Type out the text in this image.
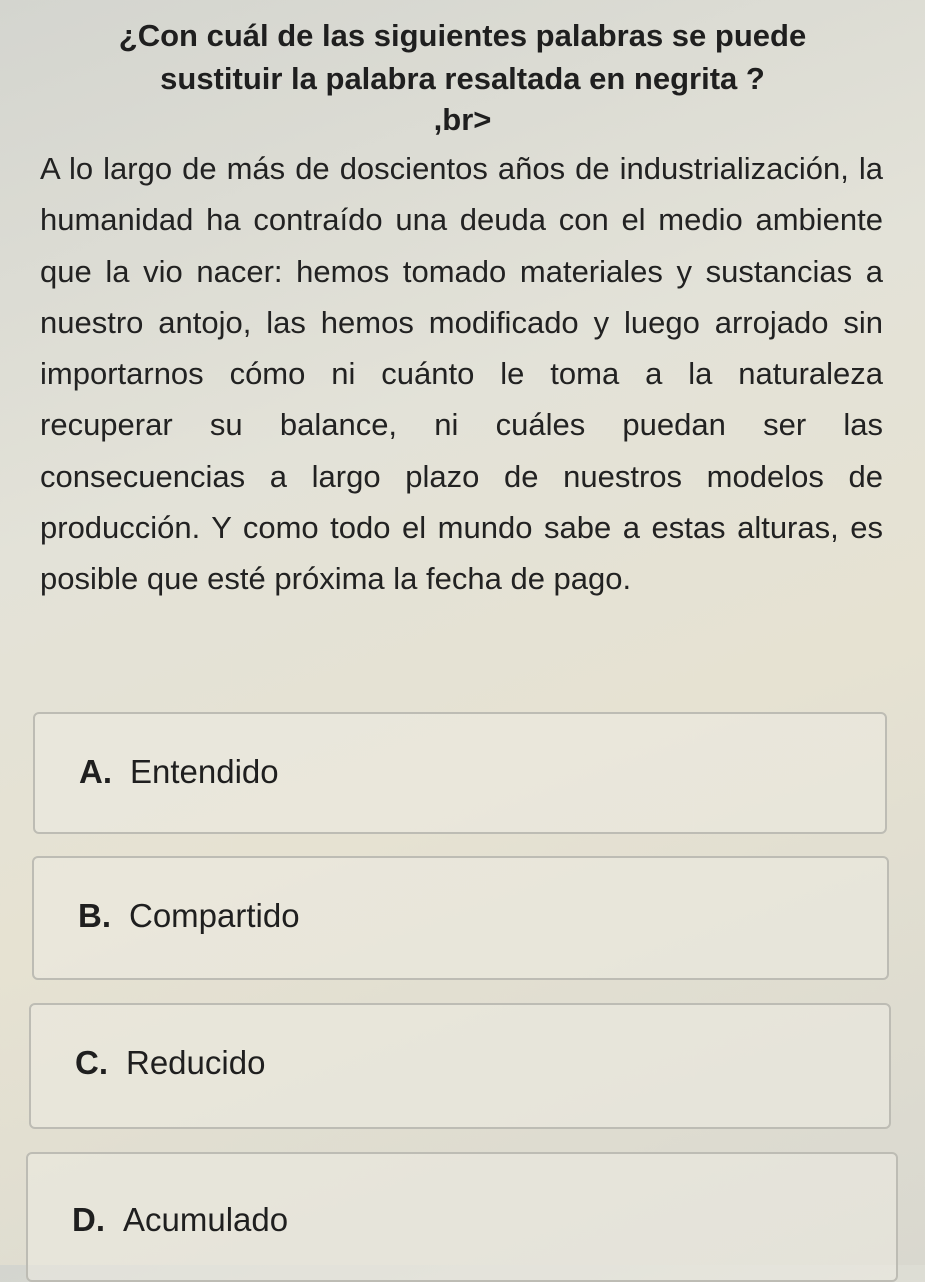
¿Con cuál de las siguientes palabras se puede
sustituir la palabra resaltada en negrita ?
,br>
A lo largo de más de doscientos años de industrialización, la humanidad ha contraído una deuda con el medio ambiente que la vio nacer: hemos tomado materiales y sustancias a nuestro antojo, las hemos modificado y luego arrojado sin importarnos cómo ni cuánto le toma a la naturaleza recuperar su balance, ni cuáles puedan ser las consecuencias a largo plazo de nuestros modelos de producción. Y como todo el mundo sabe a estas alturas, es posible que esté próxima la fecha de pago.
A. Entendido
B. Compartido
C. Reducido
D. Acumulado
